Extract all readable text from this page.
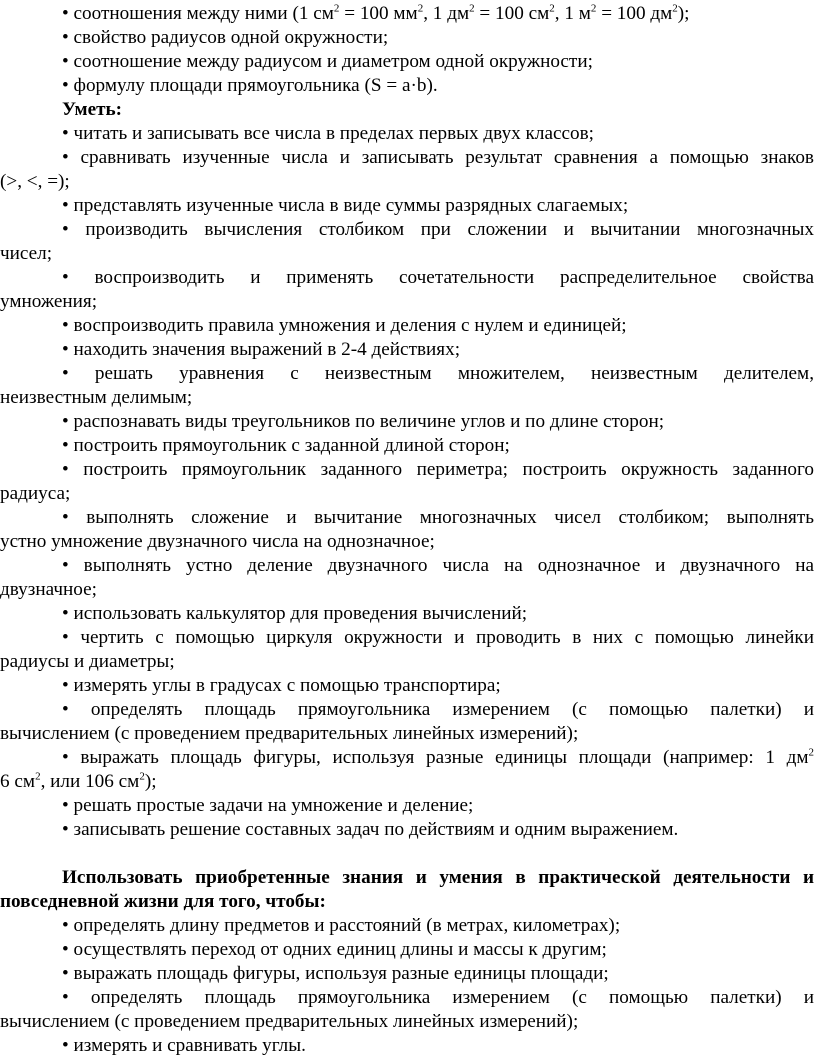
• соотношения между ними (1 $см^2 = 100$ $мм^2$, 1 $дм^2 = 100$ $см^2$, 1 $м^2 = 100$ $дм^2$);
• свойство радиусов одной окружности;
• соотношение между радиусом и диаметром одной окружности;
• формулу площади прямоугольника (S = a·b).
Уметь:
• читать и записывать все числа в пределах первых двух классов;
• сравнивать изученные числа и записывать результат сравнения а помощью знаков
(>, <, =);
• представлять изученные числа в виде суммы разрядных слагаемых;
• производить вычисления столбиком при сложении и вычитании многозначных
чисел;
• воспроизводить и применять сочетательности распределительное свойства
умножения;
• воспроизводить правила умножения и деления с нулем и единицей;
• находить значения выражений в 2-4 действиях;
• решать уравнения с неизвестным множителем, неизвестным делителем,
неизвестным делимым;
• распознавать виды треугольников по величине углов и по длине сторон;
• построить прямоугольник с заданной длиной сторон;
• построить прямоугольник заданного периметра; построить окружность заданного
радиуса;
• выполнять сложение и вычитание многозначных чисел столбиком; выполнять
устно умножение двузначного числа на однозначное;
• выполнять устно деление двузначного числа на однозначное и двузначного на
двузначное;
• использовать калькулятор для проведения вычислений;
• чертить с помощью циркуля окружности и проводить в них с помощью линейки
радиусы и диаметры;
• измерять углы в градусах с помощью транспортира;
• определять площадь прямоугольника измерением (с помощью палетки) и
вычислением (с проведением предварительных линейных измерений);
• выражать площадь фигуры, используя разные единицы площади (например: 1 $дм^2$
6 $см^2$, или 106 $см^2$);
• решать простые задачи на умножение и деление;
• записывать решение составных задач по действиям и одним выражением.
Использовать приобретенные знания и умения в практической деятельности и
повседневной жизни для того, чтобы:
• определять длину предметов и расстояний (в метрах, километрах);
• осуществлять переход от одних единиц длины и массы к другим;
• выражать площадь фигуры, используя разные единицы площади;
• определять площадь прямоугольника измерением (с помощью палетки) и
вычислением (с проведением предварительных линейных измерений);
• измерять и сравнивать углы.
